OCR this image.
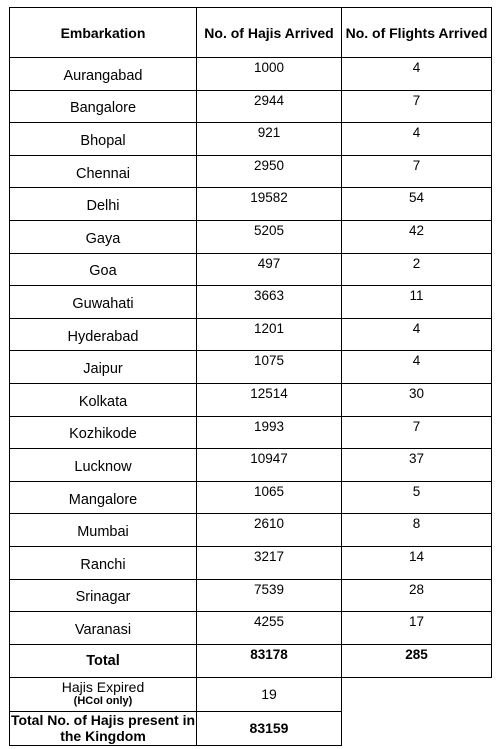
Embarkation	No. of Hajis Arrived	No. of Flights Arrived
Aurangabad	1000	4
Bangalore	2944	7
Bhopal	921	4
Chennai	2950	7
Delhi	19582	54
Gaya	5205	42
Goa	497	2
Guwahati	3663	11
Hyderabad	1201	4
Jaipur	1075	4
Kolkata	12514	30
Kozhikode	1993	7
Lucknow	10947	37
Mangalore	1065	5
Mumbai	2610	8
Ranchi	3217	14
Srinagar	7539	28
Varanasi	4255	17
Total	83178	285

Hajis Expired
(HCoI only)	19	
Total No. of Hajis present in the Kingdom	83159	
